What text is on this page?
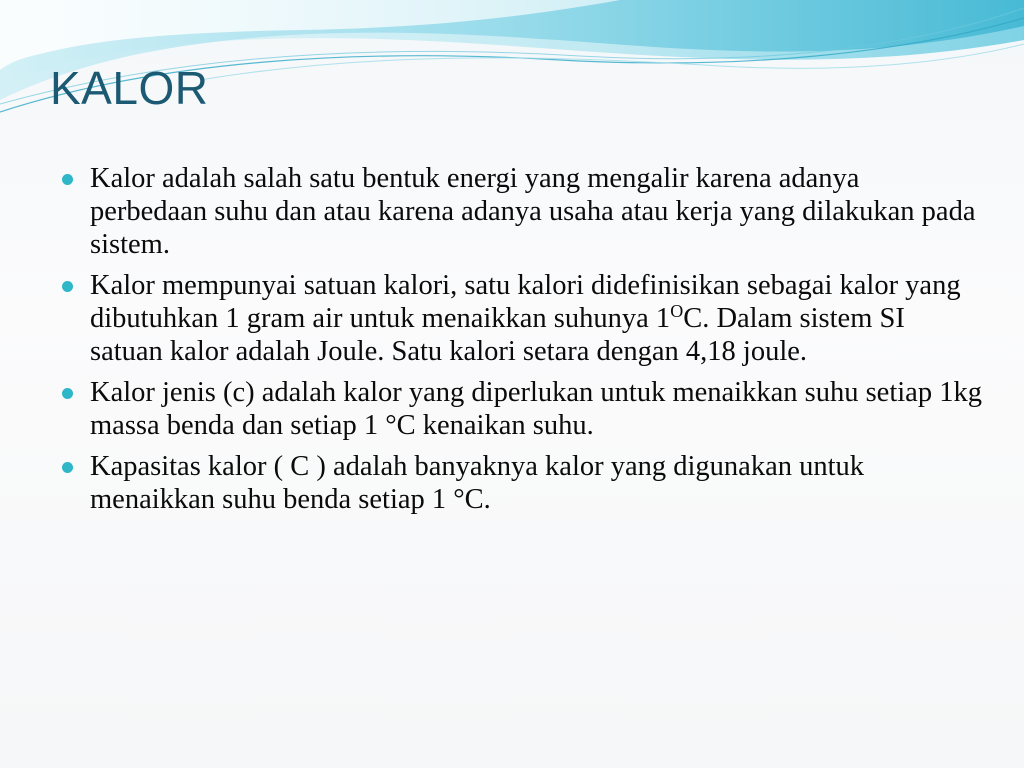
KALOR
Kalor adalah salah satu bentuk energi yang mengalir karena adanya perbedaan suhu dan atau karena adanya usaha atau kerja yang dilakukan pada sistem.
Kalor mempunyai satuan kalori, satu kalori didefinisikan sebagai kalor yang dibutuhkan 1 gram air untuk menaikkan suhunya $1^OC$. Dalam sistem SI satuan kalor adalah Joule. Satu kalori setara dengan 4,18 joule.
Kalor jenis (c) adalah kalor yang diperlukan untuk menaikkan suhu setiap 1kg massa benda dan setiap 1 °C kenaikan suhu.
Kapasitas kalor ( C ) adalah banyaknya kalor yang digunakan untuk menaikkan suhu benda setiap 1 °C.
